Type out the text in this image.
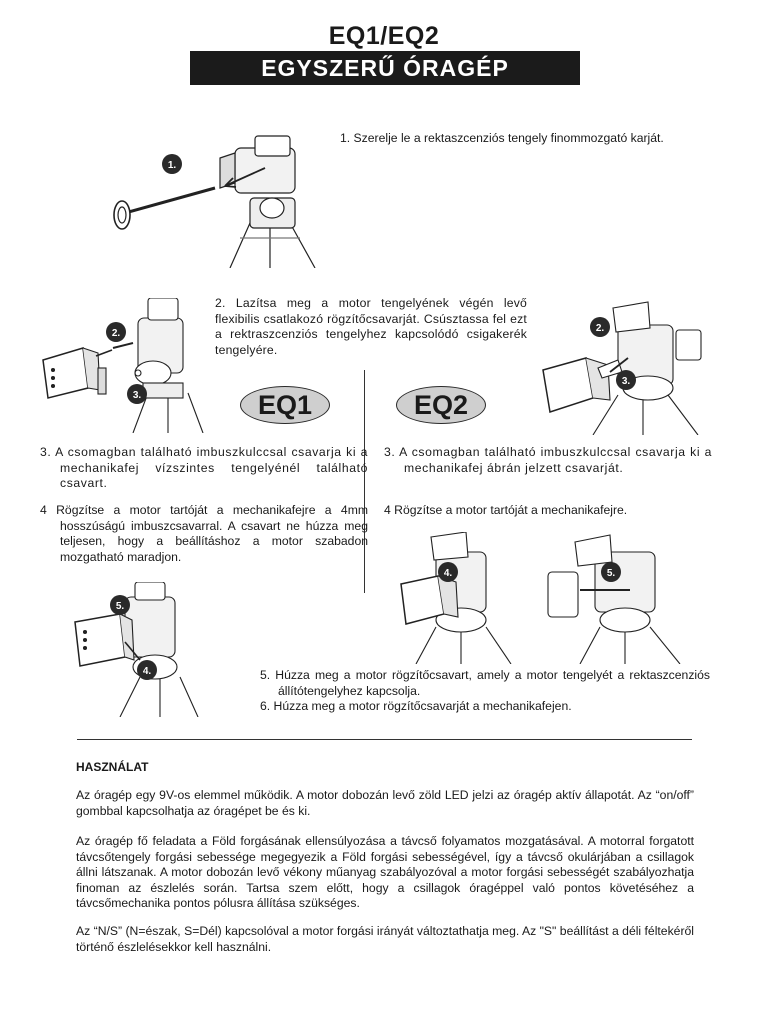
EQ1/EQ2
EGYSZERŰ ÓRAGÉP
1.
1. Szerelje le a rektaszcenziós tengely finommozgató karját.
2. Lazítsa meg a motor tengelyének végén levő flexibilis csatlakozó rögzítőcsavarját. Csúsztassa fel ezt a rektraszcenziós tengelyhez kapcsolódó csigakerék tengelyére.
2.
3.
2.
3.
EQ1	EQ2
3. A csomagban található imbuszkulccsal csavarja ki a mechanikafej vízszintes tengelyénél található csavart.
4 Rögzítse a motor tartóját a mechanikafejre a 4mm hosszúságú imbuszcsavarral. A csavart ne húzza meg teljesen, hogy a beállításhoz a motor szabadon mozgatható maradjon.
3. A csomagban található imbuszkulccsal csavarja ki a mechanikafej ábrán jelzett csavarját.
4 Rögzítse a motor tartóját a mechanikafejre.
5.
4.
4.	5.
5. Húzza meg a motor rögzítőcsavart, amely a motor tengelyét a rektaszcenziós állítótengelyhez kapcsolja.
6. Húzza meg a motor rögzítőcsavarját a mechanikafejen.
HASZNÁLAT
Az óragép egy 9V-os elemmel működik. A motor dobozán levő zöld LED jelzi az óragép aktív állapotát. Az “on/off” gombbal kapcsolhatja az óragépet be és ki.
Az óragép fő feladata a Föld forgásának ellensúlyozása a távcső folyamatos mozgatásával. A motorral forgatott távcsőtengely forgási sebessége megegyezik a Föld forgási sebességével, így a távcső okulárjában a csillagok állni látszanak. A motor dobozán levő vékony műanyag szabályozóval a motor forgási sebességét szabályozhatja finoman az észlelés során. Tartsa szem előtt, hogy a csillagok óragéppel való pontos követéséhez a távcsőmechanika pontos pólusra állítása szükséges.
Az “N/S” (N=észak, S=Dél) kapcsolóval a motor forgási irányát változtathatja meg. Az "S" beállítást a déli féltekéről történő észlelésekkor kell használni.
